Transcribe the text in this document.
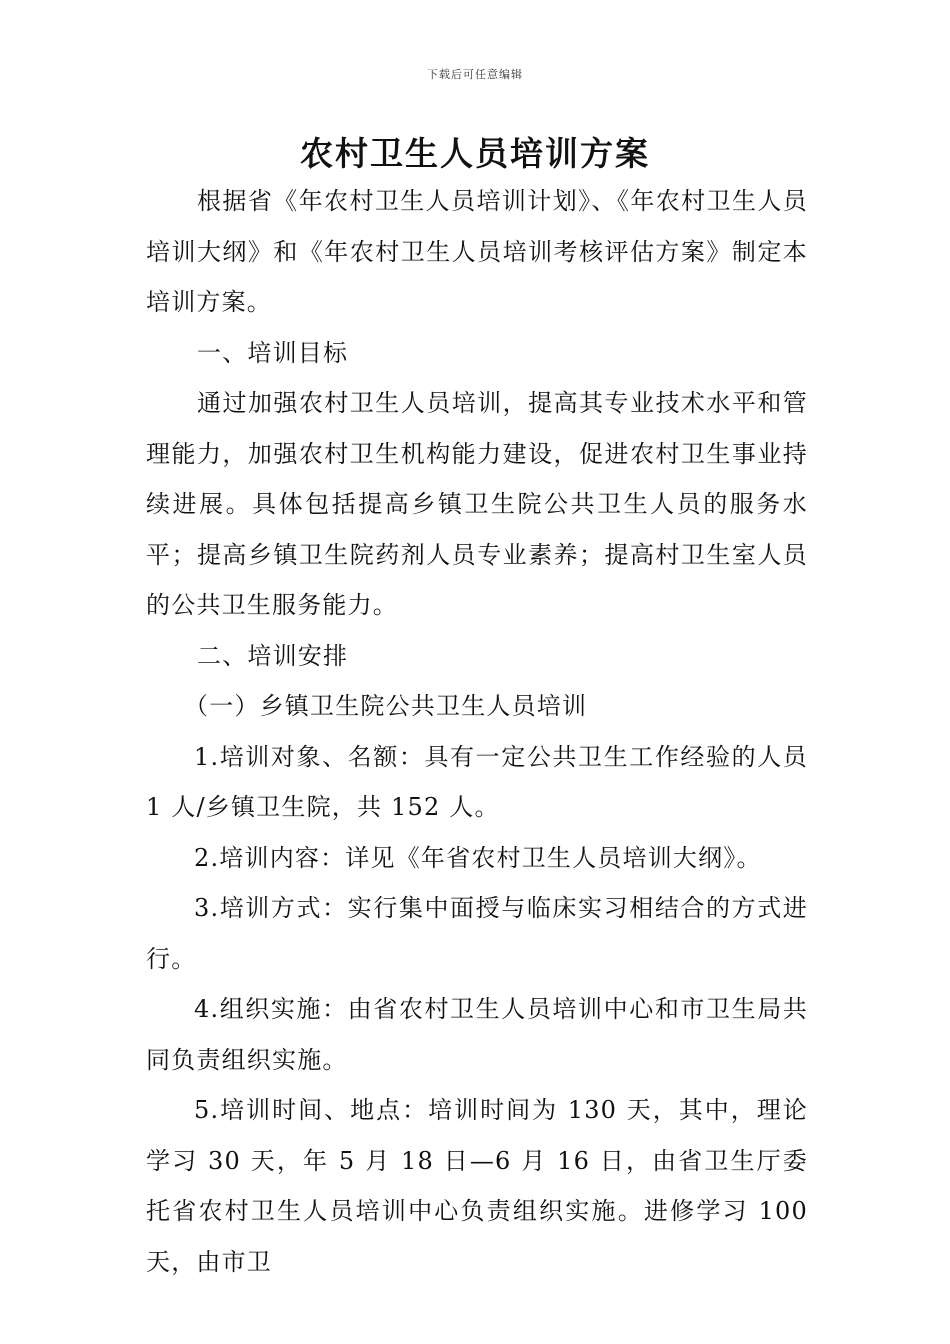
下载后可任意编辑
农村卫生人员培训方案

根据省《年农村卫生人员培训计划》、《年农村卫生人员培训大纲》和《年农村卫生人员培训考核评估方案》制定本培训方案。

一、培训目标

通过加强农村卫生人员培训，提高其专业技术水平和管理能力，加强农村卫生机构能力建设，促进农村卫生事业持续进展。具体包括提高乡镇卫生院公共卫生人员的服务水平；提高乡镇卫生院药剂人员专业素养；提高村卫生室人员的公共卫生服务能力。

二、培训安排

（一）乡镇卫生院公共卫生人员培训

1.培训对象、名额：具有一定公共卫生工作经验的人员 1 人/乡镇卫生院，共 152 人。

2.培训内容：详见《年省农村卫生人员培训大纲》。

3.培训方式：实行集中面授与临床实习相结合的方式进行。

4.组织实施：由省农村卫生人员培训中心和市卫生局共同负责组织实施。

5.培训时间、地点：培训时间为 130 天，其中，理论学习 30 天，年 5 月 18 日—6 月 16 日，由省卫生厅委托省农村卫生人员培训中心负责组织实施。进修学习 100 天，由市卫
